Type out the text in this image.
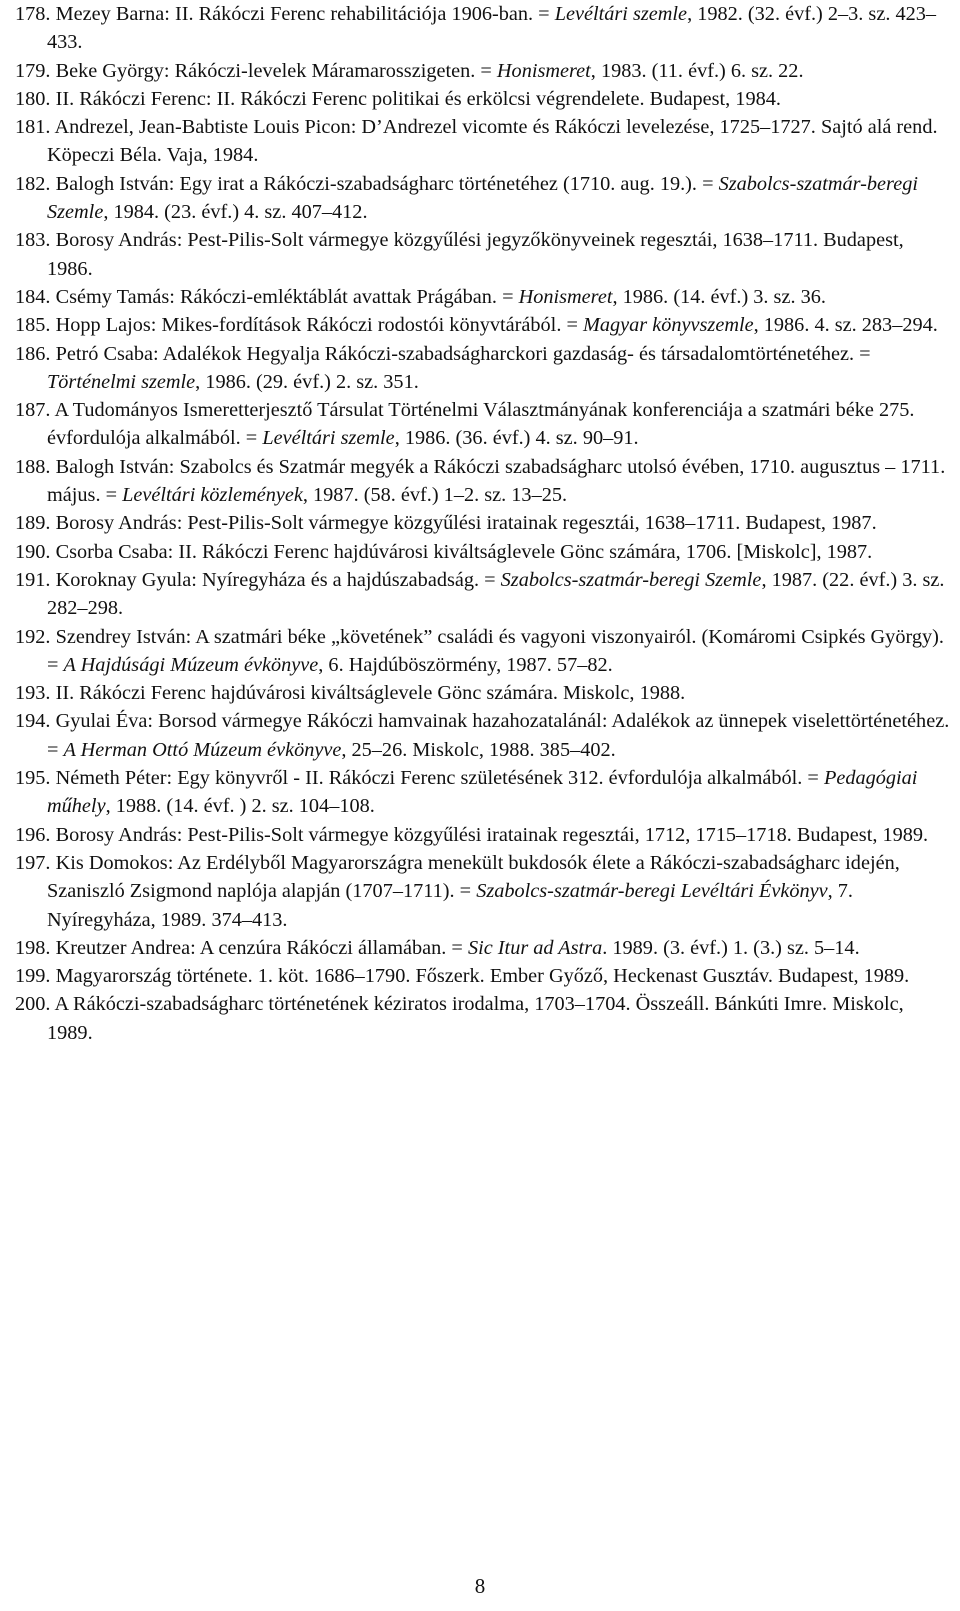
178. Mezey Barna: II. Rákóczi Ferenc rehabilitációja 1906-ban. = Levéltári szemle, 1982. (32. évf.) 2–3. sz. 423–433.
179. Beke György: Rákóczi-levelek Máramarosszigeten. = Honismeret, 1983. (11. évf.) 6. sz. 22.
180. II. Rákóczi Ferenc: II. Rákóczi Ferenc politikai és erkölcsi végrendelete. Budapest, 1984.
181. Andrezel, Jean-Babtiste Louis Picon: D’Andrezel vicomte és Rákóczi levelezése, 1725–1727. Sajtó alá rend. Köpeczi Béla. Vaja, 1984.
182. Balogh István: Egy irat a Rákóczi-szabadságharc történetéhez (1710. aug. 19.). = Szabolcs-szatmár-beregi Szemle, 1984. (23. évf.) 4. sz. 407–412.
183. Borosy András: Pest-Pilis-Solt vármegye közgyűlési jegyzőkönyveinek regesztái, 1638–1711. Budapest, 1986.
184. Csémy Tamás: Rákóczi-emléktáblát avattak Prágában. = Honismeret, 1986. (14. évf.) 3. sz. 36.
185. Hopp Lajos: Mikes-fordítások Rákóczi rodostói könyvtárából. = Magyar könyvszemle, 1986. 4. sz. 283–294.
186. Petró Csaba: Adalékok Hegyalja Rákóczi-szabadságharckori gazdaság- és társadalomtörténetéhez. = Történelmi szemle, 1986. (29. évf.) 2. sz. 351.
187. A Tudományos Ismeretterjesztő Társulat Történelmi Választmányának konferenciája a szatmári béke 275. évfordulója alkalmából. = Levéltári szemle, 1986. (36. évf.) 4. sz. 90–91.
188. Balogh István: Szabolcs és Szatmár megyék a Rákóczi szabadságharc utolsó évében, 1710. augusztus – 1711. május. = Levéltári közlemények, 1987. (58. évf.) 1–2. sz. 13–25.
189. Borosy András: Pest-Pilis-Solt vármegye közgyűlési iratainak regesztái, 1638–1711. Budapest, 1987.
190. Csorba Csaba: II. Rákóczi Ferenc hajdúvárosi kiváltságlevele Gönc számára, 1706. [Miskolc], 1987.
191. Koroknay Gyula: Nyíregyháza és a hajdúszabadság. = Szabolcs-szatmár-beregi Szemle, 1987. (22. évf.) 3. sz. 282–298.
192. Szendrey István: A szatmári béke „követének” családi és vagyoni viszonyairól. (Komáromi Csipkés György). = A Hajdúsági Múzeum évkönyve, 6. Hajdúböszörmény, 1987. 57–82.
193. II. Rákóczi Ferenc hajdúvárosi kiváltságlevele Gönc számára. Miskolc, 1988.
194. Gyulai Éva: Borsod vármegye Rákóczi hamvainak hazahozatalánál: Adalékok az ünnepek viselettörténetéhez. = A Herman Ottó Múzeum évkönyve, 25–26. Miskolc, 1988. 385–402.
195. Németh Péter: Egy könyvről - II. Rákóczi Ferenc születésének 312. évfordulója alkalmából. = Pedagógiai műhely, 1988. (14. évf. ) 2. sz. 104–108.
196. Borosy András: Pest-Pilis-Solt vármegye közgyűlési iratainak regesztái, 1712, 1715–1718. Budapest, 1989.
197. Kis Domokos: Az Erdélyből Magyarországra menekült bukdosók élete a Rákóczi-szabadságharc idején, Szaniszló Zsigmond naplója alapján (1707–1711). = Szabolcs-szatmár-beregi Levéltári Évkönyv, 7. Nyíregyháza, 1989. 374–413.
198. Kreutzer Andrea: A cenzúra Rákóczi államában. = Sic Itur ad Astra. 1989. (3. évf.) 1. (3.) sz. 5–14.
199. Magyarország története. 1. köt. 1686–1790. Főszerk. Ember Győző, Heckenast Gusztáv. Budapest, 1989.
200. A Rákóczi-szabadságharc történetének kéziratos irodalma, 1703–1704. Összeáll. Bánkúti Imre. Miskolc, 1989.
8
